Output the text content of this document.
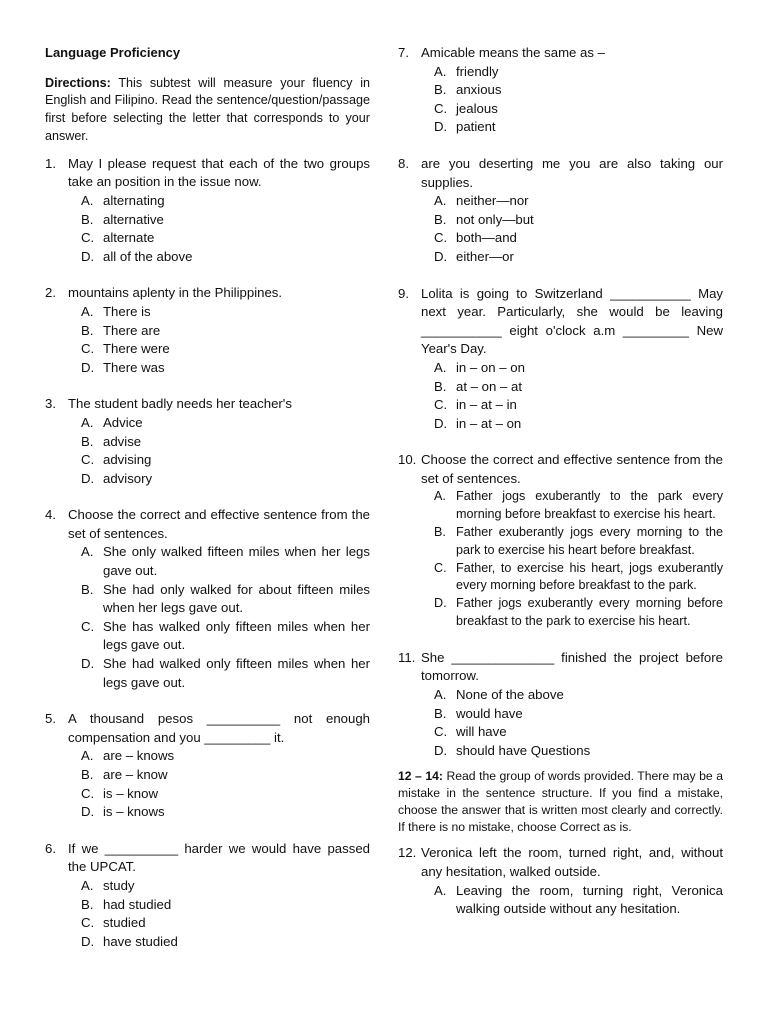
Language Proficiency
Directions: This subtest will measure your fluency in English and Filipino. Read the sentence/question/passage first before selecting the letter that corresponds to your answer.
1. May I please request that each of the two groups take an position in the issue now.
A. alternating
B. alternative
C. alternate
D. all of the above
2. mountains aplenty in the Philippines.
A. There is
B. There are
C. There were
D. There was
3. The student badly needs her teacher's
A. Advice
B. advise
C. advising
D. advisory
4. Choose the correct and effective sentence from the set of sentences.
A. She only walked fifteen miles when her legs gave out.
B. She had only walked for about fifteen miles when her legs gave out.
C. She has walked only fifteen miles when her legs gave out.
D. She had walked only fifteen miles when her legs gave out.
5. A thousand pesos __________ not enough compensation and you _________ it.
A. are – knows
B. are – know
C. is – know
D. is – knows
6. If we __________ harder we would have passed the UPCAT.
A. study
B. had studied
C. studied
D. have studied
7. Amicable means the same as –
A. friendly
B. anxious
C. jealous
D. patient
8. are you deserting me you are also taking our supplies.
A. neither—nor
B. not only—but
C. both—and
D. either—or
9. Lolita is going to Switzerland ___________ May next year. Particularly, she would be leaving ___________ eight o'clock a.m _________ New Year's Day.
A. in – on – on
B. at – on – at
C. in – at – in
D. in – at – on
10. Choose the correct and effective sentence from the set of sentences.
A. Father jogs exuberantly to the park every morning before breakfast to exercise his heart.
B. Father exuberantly jogs every morning to the park to exercise his heart before breakfast.
C. Father, to exercise his heart, jogs exuberantly every morning before breakfast to the park.
D. Father jogs exuberantly every morning before breakfast to the park to exercise his heart.
11. She ______________ finished the project before tomorrow.
A. None of the above
B. would have
C. will have
D. should have Questions
12 – 14: Read the group of words provided. There may be a mistake in the sentence structure. If you find a mistake, choose the answer that is written most clearly and correctly. If there is no mistake, choose Correct as is.
12. Veronica left the room, turned right, and, without any hesitation, walked outside.
A. Leaving the room, turning right, Veronica walking outside without any hesitation.
